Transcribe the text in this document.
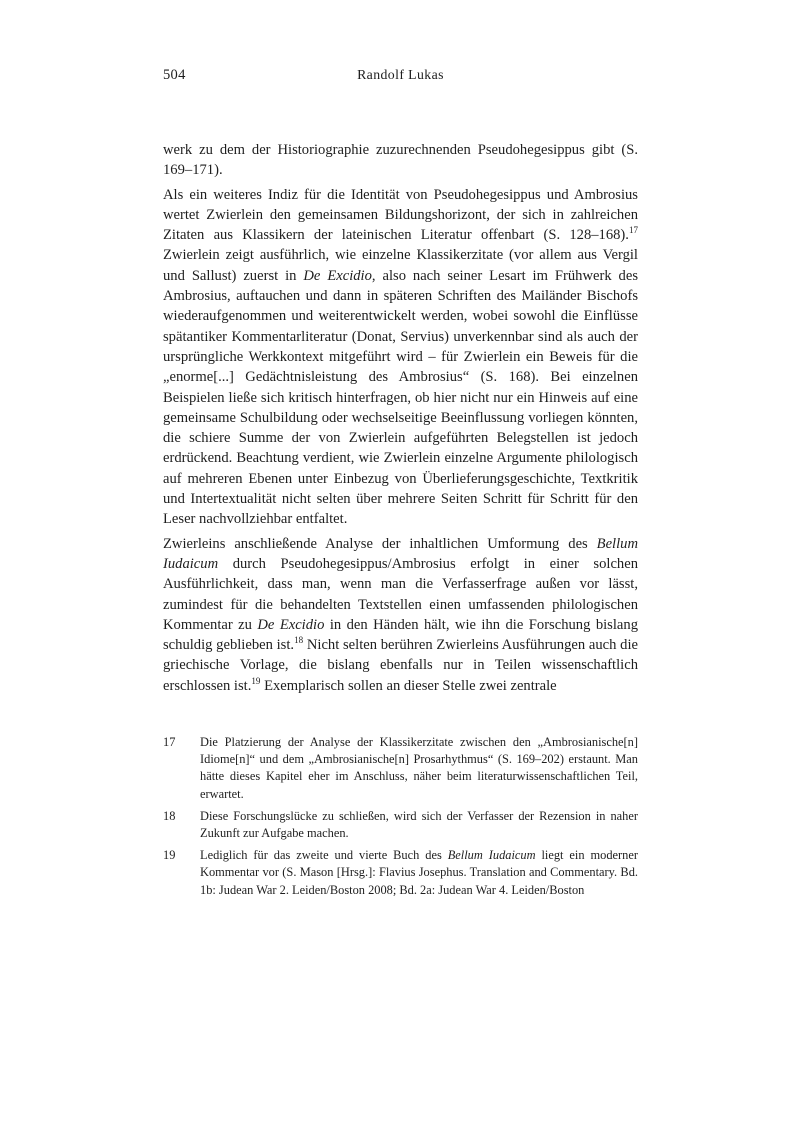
504	Randolf Lukas

werk zu dem der Historiographie zuzurechnenden Pseudohegesippus gibt (S. 169–171).

Als ein weiteres Indiz für die Identität von Pseudohegesippus und Ambrosius wertet Zwierlein den gemeinsamen Bildungshorizont, der sich in zahlreichen Zitaten aus Klassikern der lateinischen Literatur offenbart (S. 128–168).$^{17}$ Zwierlein zeigt ausführlich, wie einzelne Klassikerzitate (vor allem aus Vergil und Sallust) zuerst in De Excidio, also nach seiner Lesart im Frühwerk des Ambrosius, auftauchen und dann in späteren Schriften des Mailänder Bischofs wiederaufgenommen und weiterentwickelt werden, wobei sowohl die Einflüsse spätantiker Kommentarliteratur (Donat, Servius) unverkennbar sind als auch der ursprüngliche Werkkontext mitgeführt wird – für Zwierlein ein Beweis für die „enorme[...] Gedächtnisleistung des Ambrosius“ (S. 168). Bei einzelnen Beispielen ließe sich kritisch hinterfragen, ob hier nicht nur ein Hinweis auf eine gemeinsame Schulbildung oder wechselseitige Beeinflussung vorliegen könnten, die schiere Summe der von Zwierlein aufgeführten Belegstellen ist jedoch erdrückend. Beachtung verdient, wie Zwierlein einzelne Argumente philologisch auf mehreren Ebenen unter Einbezug von Überlieferungsgeschichte, Textkritik und Intertextualität nicht selten über mehrere Seiten Schritt für Schritt für den Leser nachvollziehbar entfaltet.

Zwierleins anschließende Analyse der inhaltlichen Umformung des Bellum Iudaicum durch Pseudohegesippus/Ambrosius erfolgt in einer solchen Ausführlichkeit, dass man, wenn man die Verfasserfrage außen vor lässt, zumindest für die behandelten Textstellen einen umfassenden philologischen Kommentar zu De Excidio in den Händen hält, wie ihn die Forschung bislang schuldig geblieben ist.$^{18}$ Nicht selten berühren Zwierleins Ausführungen auch die griechische Vorlage, die bislang ebenfalls nur in Teilen wissenschaftlich erschlossen ist.$^{19}$ Exemplarisch sollen an dieser Stelle zwei zentrale

17	Die Platzierung der Analyse der Klassikerzitate zwischen den „Ambrosianische[n] Idiome[n]“ und dem „Ambrosianische[n] Prosarhythmus“ (S. 169–202) erstaunt. Man hätte dieses Kapitel eher im Anschluss, näher beim literaturwissenschaftlichen Teil, erwartet.
18	Diese Forschungslücke zu schließen, wird sich der Verfasser der Rezension in naher Zukunft zur Aufgabe machen.
19	Lediglich für das zweite und vierte Buch des Bellum Iudaicum liegt ein moderner Kommentar vor (S. Mason [Hrsg.]: Flavius Josephus. Translation and Commentary. Bd. 1b: Judean War 2. Leiden/Boston 2008; Bd. 2a: Judean War 4. Leiden/Boston
